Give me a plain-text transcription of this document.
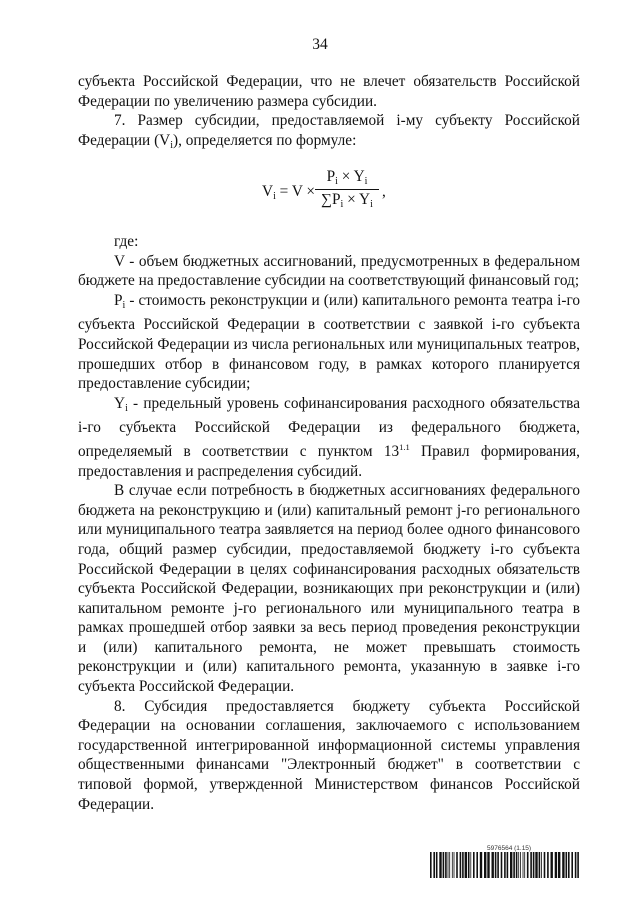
34

субъекта Российской Федерации, что не влечет обязательств Российской Федерации по увеличению размера субсидии.

7. Размер субсидии, предоставляемой i-му субъекту Российской Федерации $(V_i)$, определяется по формуле:

$V_i = V$ ×
$P_i \times Y_i$
$\sum P_i \times Y_i$
,

где:

V - объем бюджетных ассигнований, предусмотренных в федеральном бюджете на предоставление субсидии на соответствующий финансовый год;

$P_i$ - стоимость реконструкции и (или) капитального ремонта театра i-го субъекта Российской Федерации в соответствии с заявкой i-го субъекта Российской Федерации из числа региональных или муниципальных театров, прошедших отбор в финансовом году, в рамках которого планируется предоставление субсидии;

$Y_i$ - предельный уровень софинансирования расходного обязательства i-го субъекта Российской Федерации из федерального бюджета, определяемый в соответствии с пунктом $13^{1.1}$ Правил формирования, предоставления и распределения субсидий.

В случае если потребность в бюджетных ассигнованиях федерального бюджета на реконструкцию и (или) капитальный ремонт j-го регионального или муниципального театра заявляется на период более одного финансового года, общий размер субсидии, предоставляемой бюджету i-го субъекта Российской Федерации в целях софинансирования расходных обязательств субъекта Российской Федерации, возникающих при реконструкции и (или) капитальном ремонте j-го регионального или муниципального театра в рамках прошедшей отбор заявки за весь период проведения реконструкции и (или) капитального ремонта, не может превышать стоимость реконструкции и (или) капитального ремонта, указанную в заявке i-го субъекта Российской Федерации.

8. Субсидия предоставляется бюджету субъекта Российской Федерации на основании соглашения, заключаемого с использованием государственной интегрированной информационной системы управления общественными финансами "Электронный бюджет" в соответствии с типовой формой, утвержденной Министерством финансов Российской Федерации.

5976564 (1.15)
